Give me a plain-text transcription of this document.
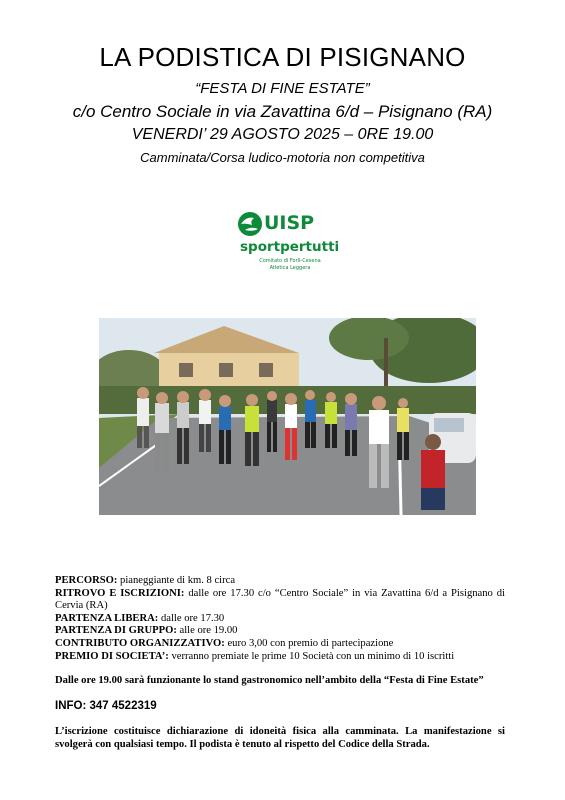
LA PODISTICA DI PISIGNANO
“FESTA DI FINE ESTATE”
c/o Centro Sociale in via Zavattina 6/d – Pisignano (RA)
VENERDI’ 29 AGOSTO 2025 – 0RE 19.00
Camminata/Corsa ludico-motoria non competitiva
UISP
sportpertutti
Comitato di Forlì-Cesena
Atletica Leggera

PERCORSO: pianeggiante di km. 8 circa

RITROVO E ISCRIZIONI: dalle ore 17.30 c/o “Centro Sociale” in via Zavattina 6/d a Pisignano di Cervia (RA)

PARTENZA LIBERA: dalle ore 17.30

PARTENZA DI GRUPPO: alle ore 19.00

CONTRIBUTO ORGANIZZATIVO: euro 3,00 con premio di partecipazione

PREMIO DI SOCIETA’: verranno premiate le prime 10 Società con un minimo di 10 iscritti

Dalle ore 19.00 sarà funzionante lo stand gastronomico nell’ambito della “Festa di Fine Estate”

INFO: 347 4522319

L’iscrizione costituisce dichiarazione di idoneità fisica alla camminata. La manifestazione si svolgerà con qualsiasi tempo. Il podista è tenuto al rispetto del Codice della Strada.
